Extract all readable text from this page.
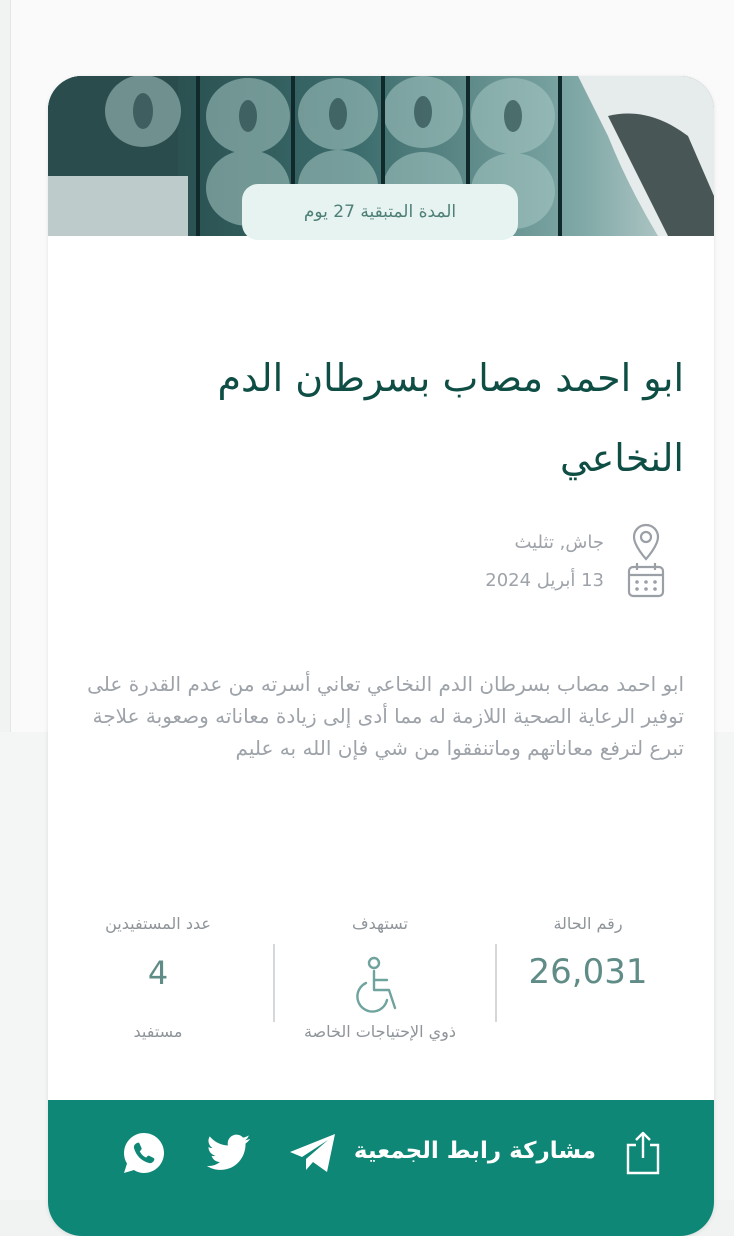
المدة المتبقية 27 يوم
ابو احمد مصاب بسرطان الدم النخاعي
جاش, تثليث
13 أبريل 2024
ابو احمد مصاب بسرطان الدم النخاعي تعاني أسرته من عدم القدرة على توفير الرعاية الصحية اللازمة له مما أدى إلى زيادة معاناته وصعوبة علاجة تبرع لترفع معاناتهم وماتنفقوا من شي فإن الله به عليم
رقم الحالة
26,031
تستهدف
ذوي الإحتياجات الخاصة
عدد المستفيدين
4
مستفيد
مشاركة رابط الجمعية
